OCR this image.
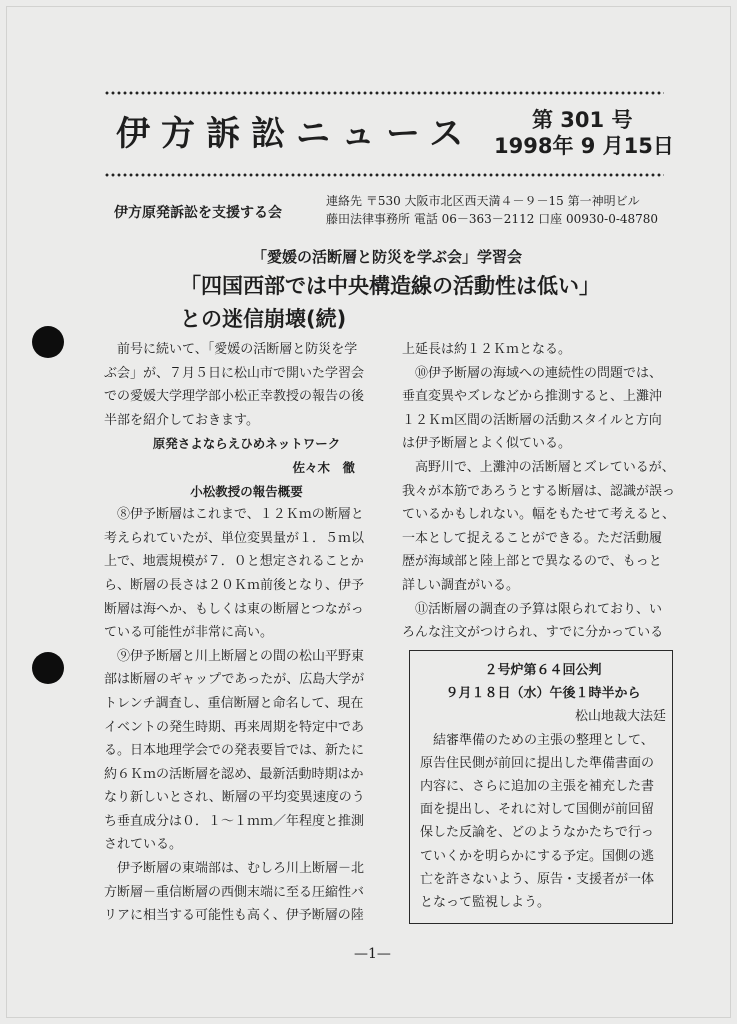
伊方訴訟ニュース	第 301 号
1998年 9 月15日
伊方原発訴訟を支援する会
連絡先 〒530 大阪市北区西天満４－９－15 第一神明ビル
藤田法律事務所 電話 06－363－2112 口座 00930-0-48780
「愛媛の活断層と防災を学ぶ会」学習会
「四国西部では中央構造線の活動性は低い」
との迷信崩壊(続)
　前号に続いて、「愛媛の活断層と防災を学
ぶ会」が、７月５日に松山市で開いた学習会
での愛媛大学理学部小松正幸教授の報告の後
半部を紹介しておきます。
原発さよならえひめネットワーク
佐々木　徹
小松教授の報告概要
　⑧伊予断層はこれまで、１２Ｋｍの断層と
考えられていたが、単位変異量が１．５ｍ以
上で、地震規模が７．０と想定されることか
ら、断層の長さは２０Ｋｍ前後となり、伊予
断層は海へか、もしくは東の断層とつながっ
ている可能性が非常に高い。
　⑨伊予断層と川上断層との間の松山平野東
部は断層のギャップであったが、広島大学が
トレンチ調査し、重信断層と命名して、現在
イベントの発生時期、再来周期を特定中であ
る。日本地理学会での発表要旨では、新たに
約６Ｋｍの活断層を認め、最新活動時期はか
なり新しいとされ、断層の平均変異速度のう
ち垂直成分は０．１～１ｍｍ／年程度と推測
されている。
　伊予断層の東端部は、むしろ川上断層－北
方断層－重信断層の西側末端に至る圧縮性バ
リアに相当する可能性も高く、伊予断層の陸
上延長は約１２Ｋｍとなる。
　⑩伊予断層の海域への連続性の問題では、
垂直変異やズレなどから推測すると、上灘沖
１２Ｋｍ区間の活断層の活動スタイルと方向
は伊予断層とよく似ている。
　高野川で、上灘沖の活断層とズレているが、
我々が本筋であろうとする断層は、認識が誤っ
ているかもしれない。幅をもたせて考えると、
一本として捉えることができる。ただ活動履
歴が海域部と陸上部とで異なるので、もっと
詳しい調査がいる。
　⑪活断層の調査の予算は限られており、い
ろんな注文がつけられ、すでに分かっている
２号炉第６４回公判
９月１８日（水）午後１時半から
松山地裁大法廷
　結審準備のための主張の整理として、
原告住民側が前回に提出した準備書面の
内容に、さらに追加の主張を補充した書
面を提出し、それに対して国側が前回留
保した反論を、どのようなかたちで行っ
ていくかを明らかにする予定。国側の逃
亡を許さないよう、原告・支援者が一体
となって監視しよう。
—1—
